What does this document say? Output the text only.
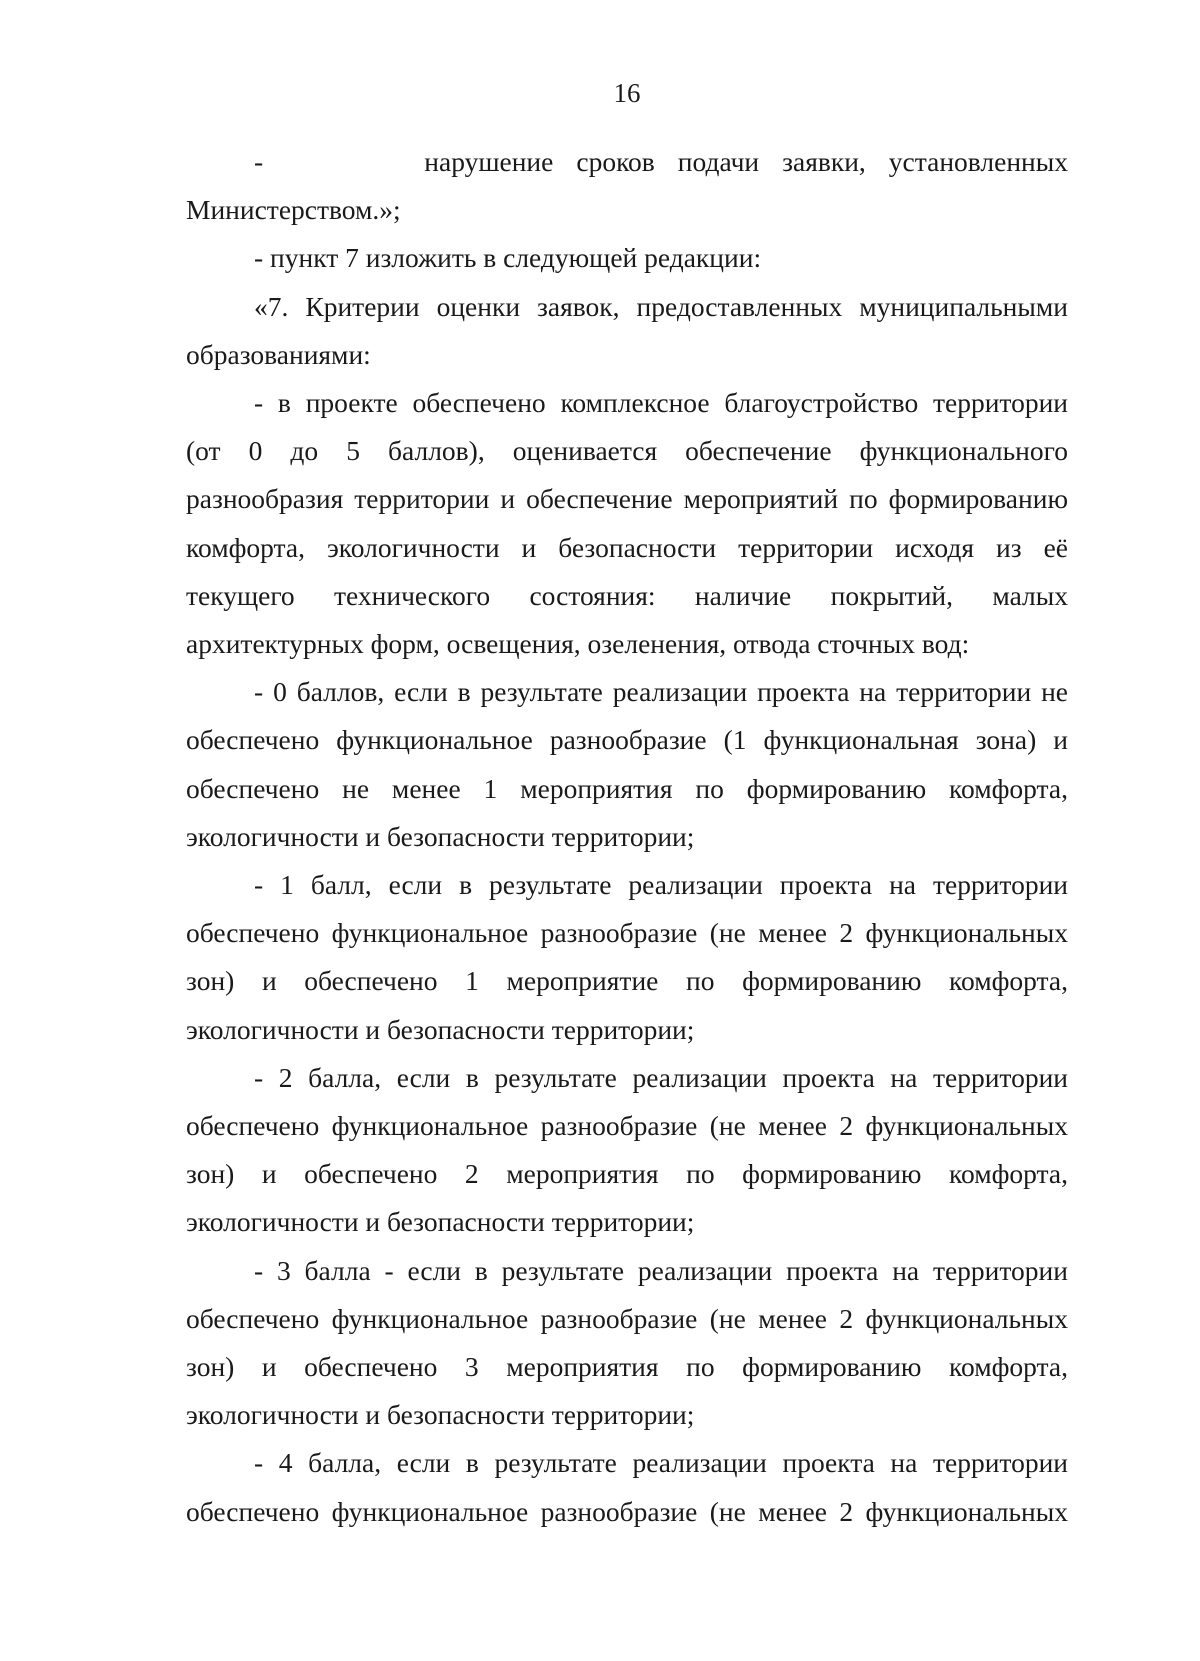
16
-       нарушение сроков подачи заявки, установленных
Министерством.»;
- пункт 7 изложить в следующей редакции:
«7. Критерии оценки заявок, предоставленных муниципальными
образованиями:
- в проекте обеспечено комплексное благоустройство территории
(от 0 до 5 баллов), оценивается обеспечение функционального
разнообразия территории и обеспечение мероприятий по формированию
комфорта, экологичности и безопасности территории исходя из её
текущего технического состояния: наличие покрытий, малых
архитектурных форм, освещения, озеленения, отвода сточных вод:
- 0 баллов, если в результате реализации проекта на территории не
обеспечено функциональное разнообразие (1 функциональная зона) и
обеспечено не менее 1 мероприятия по формированию комфорта,
экологичности и безопасности территории;
- 1 балл, если в результате реализации проекта на территории
обеспечено функциональное разнообразие (не менее 2 функциональных
зон) и обеспечено 1 мероприятие по формированию комфорта,
экологичности и безопасности территории;
- 2 балла, если в результате реализации проекта на территории
обеспечено функциональное разнообразие (не менее 2 функциональных
зон) и обеспечено 2 мероприятия по формированию комфорта,
экологичности и безопасности территории;
- 3 балла - если в результате реализации проекта на территории
обеспечено функциональное разнообразие (не менее 2 функциональных
зон) и обеспечено 3 мероприятия по формированию комфорта,
экологичности и безопасности территории;
- 4 балла, если в результате реализации проекта на территории
обеспечено функциональное разнообразие (не менее 2 функциональных
